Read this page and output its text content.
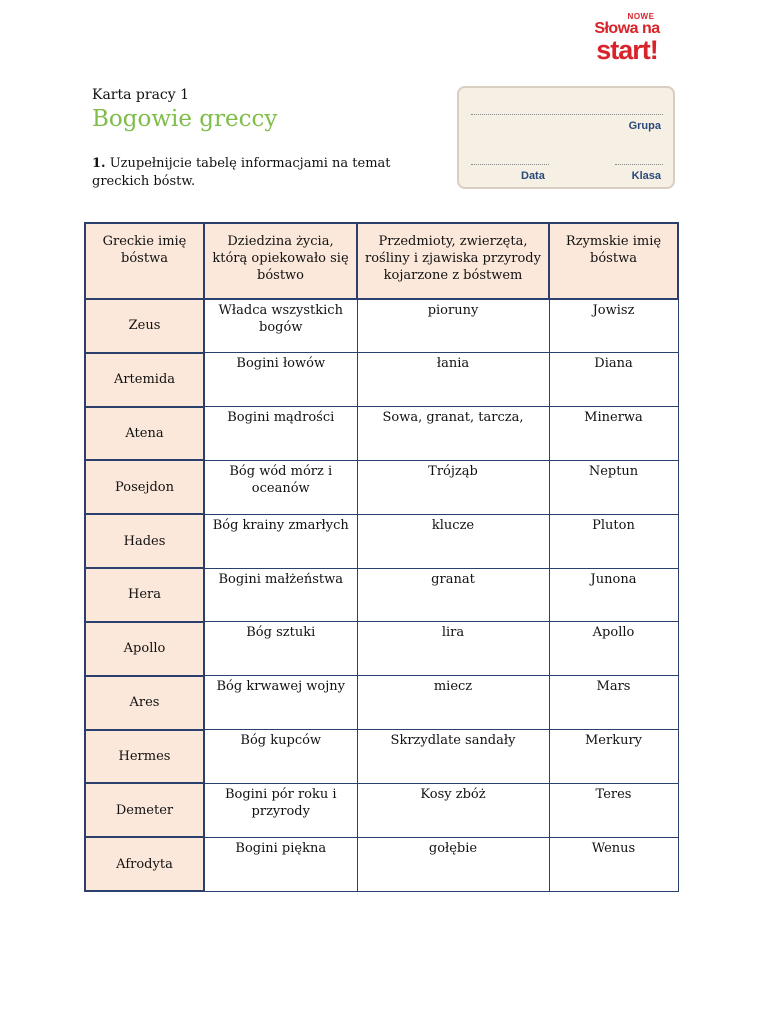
NOWE
Słowa na
start!
Karta pracy 1
Bogowie greccy
1. Uzupełnijcie tabelę informacjami na temat greckich bóstw.
Grupa
Data	Klasa
Greckie imię bóstwa	Dziedzina życia, którą opiekowało się bóstwo	Przedmioty, zwierzęta, rośliny i zjawiska przyrody kojarzone z bóstwem	Rzymskie imię bóstwa
Zeus	Władca wszystkich bogów	pioruny	Jowisz
Artemida	Bogini łowów	łania	Diana
Atena	Bogini mądrości	Sowa, granat, tarcza,	Minerwa
Posejdon	Bóg wód mórz i oceanów	Trójząb	Neptun
Hades	Bóg krainy zmarłych	klucze	Pluton
Hera	Bogini małżeństwa	granat	Junona
Apollo	Bóg sztuki	lira	Apollo
Ares	Bóg krwawej wojny	miecz	Mars
Hermes	Bóg kupców	Skrzydlate sandały	Merkury
Demeter	Bogini pór roku i przyrody	Kosy zbóż	Teres
Afrodyta	Bogini piękna	gołębie	Wenus
